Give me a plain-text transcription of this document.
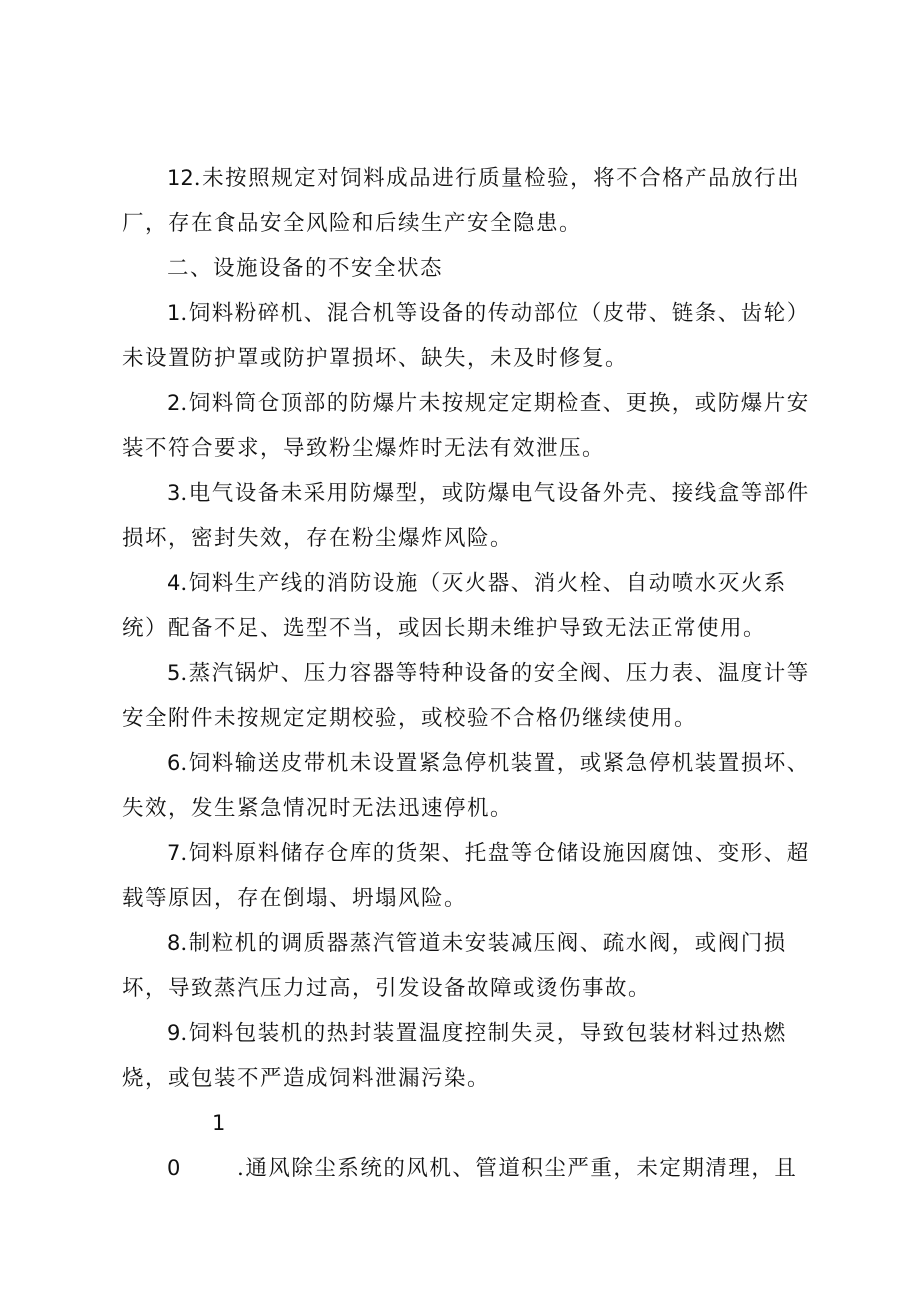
12.未按照规定对饲料成品进行质量检验，将不合格产品放行出厂，存在食品安全风险和后续生产安全隐患。

二、设施设备的不安全状态

1.饲料粉碎机、混合机等设备的传动部位（皮带、链条、齿轮）未设置防护罩或防护罩损坏、缺失，未及时修复。

2.饲料筒仓顶部的防爆片未按规定定期检查、更换，或防爆片安装不符合要求，导致粉尘爆炸时无法有效泄压。

3.电气设备未采用防爆型，或防爆电气设备外壳、接线盒等部件损坏，密封失效，存在粉尘爆炸风险。

4.饲料生产线的消防设施（灭火器、消火栓、自动喷水灭火系统）配备不足、选型不当，或因长期未维护导致无法正常使用。

5.蒸汽锅炉、压力容器等特种设备的安全阀、压力表、温度计等安全附件未按规定定期校验，或校验不合格仍继续使用。

6.饲料输送皮带机未设置紧急停机装置，或紧急停机装置损坏、失效，发生紧急情况时无法迅速停机。

7.饲料原料储存仓库的货架、托盘等仓储设施因腐蚀、变形、超载等原因，存在倒塌、坍塌风险。

8.制粒机的调质器蒸汽管道未安装减压阀、疏水阀，或阀门损坏，导致蒸汽压力过高，引发设备故障或烫伤事故。

9.饲料包装机的热封装置温度控制失灵，导致包装材料过热燃烧，或包装不严造成饲料泄漏污染。

10	.通风除尘系统的风机、管道积尘严重，未定期清理，且
